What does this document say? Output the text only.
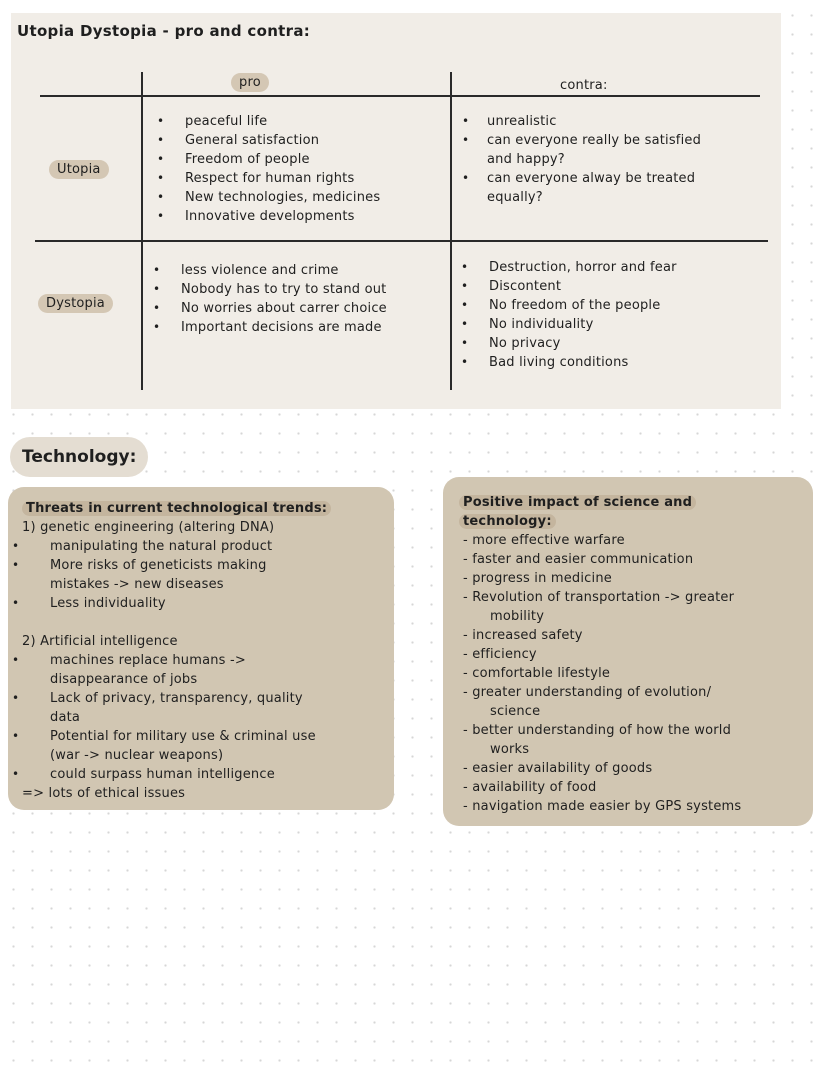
Utopia Dystopia - pro and contra:
pro	contra:
Utopia
Dystopia
• peaceful life
• General satisfaction
• Freedom of people
• Respect for human rights
• New technologies, medicines
• Innovative developments
• unrealistic
• can everyone really be satisfied
and happy?
• can everyone alway be treated
equally?
• less violence and crime
• Nobody has to try to stand out
• No worries about carrer choice
• Important decisions are made
• Destruction, horror and fear
• Discontent
• No freedom of the people
• No individuality
• No privacy
• Bad living conditions
Technology:
Threats in current technological trends:
1) genetic engineering (altering DNA)
• manipulating the natural product
• More risks of geneticists making
mistakes -> new diseases
• Less individuality
2) Artificial intelligence
• machines replace humans ->
disappearance of jobs
• Lack of privacy, transparency, quality
data
• Potential for military use & criminal use
(war -> nuclear weapons)
• could surpass human intelligence
=> lots of ethical issues
Positive impact of science and
technology:
- more effective warfare
- faster and easier communication
- progress in medicine
- Revolution of transportation -> greater
mobility
- increased safety
- efficiency
- comfortable lifestyle
- greater understanding of evolution/
science
- better understanding of how the world
works
- easier availability of goods
- availability of food
- navigation made easier by GPS systems
